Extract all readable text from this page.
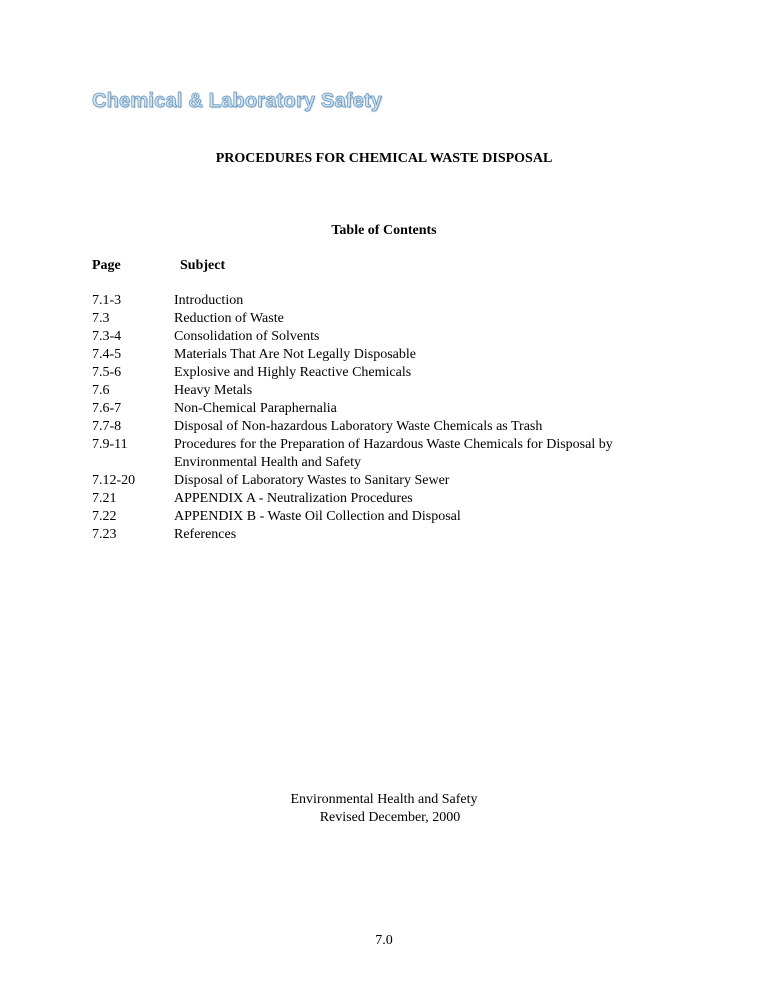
Chemical & Laboratory Safety
PROCEDURES FOR CHEMICAL WASTE DISPOSAL
Table of Contents
Page	Subject
7.1-3	Introduction
7.3	Reduction of Waste
7.3-4	Consolidation of Solvents
7.4-5	Materials That Are Not Legally Disposable
7.5-6	Explosive and Highly Reactive Chemicals
7.6	Heavy Metals
7.6-7	Non-Chemical Paraphernalia
7.7-8	Disposal of Non-hazardous Laboratory Waste Chemicals as Trash
7.9-11	Procedures for the Preparation of Hazardous Waste Chemicals for Disposal by Environmental Health and Safety
7.12-20	Disposal of Laboratory Wastes to Sanitary Sewer
7.21	APPENDIX A - Neutralization Procedures
7.22	APPENDIX B - Waste Oil Collection and Disposal
7.23	References
Environmental Health and Safety
Revised December, 2000
7.0
